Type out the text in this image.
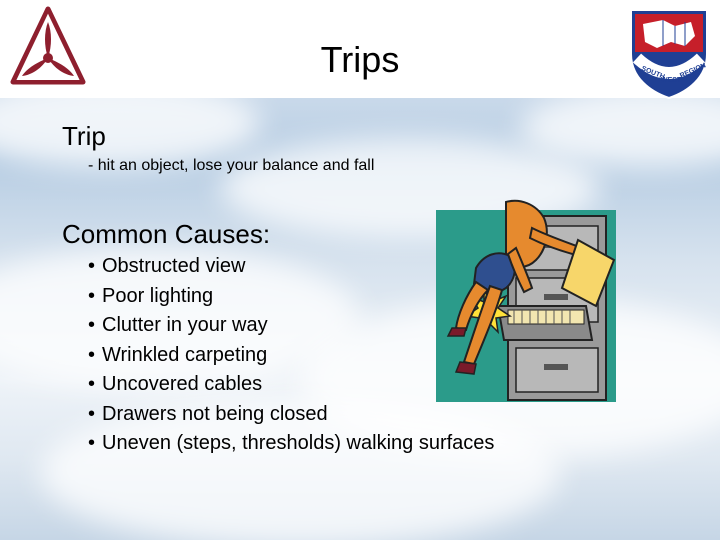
SOUTH
WEST
REGION
Trips
Trip
- hit an object, lose your balance and fall
Common Causes:
• Obstructed view
• Poor lighting
• Clutter in your way
• Wrinkled carpeting
• Uncovered cables
• Drawers not being closed
• Uneven (steps, thresholds) walking surfaces
